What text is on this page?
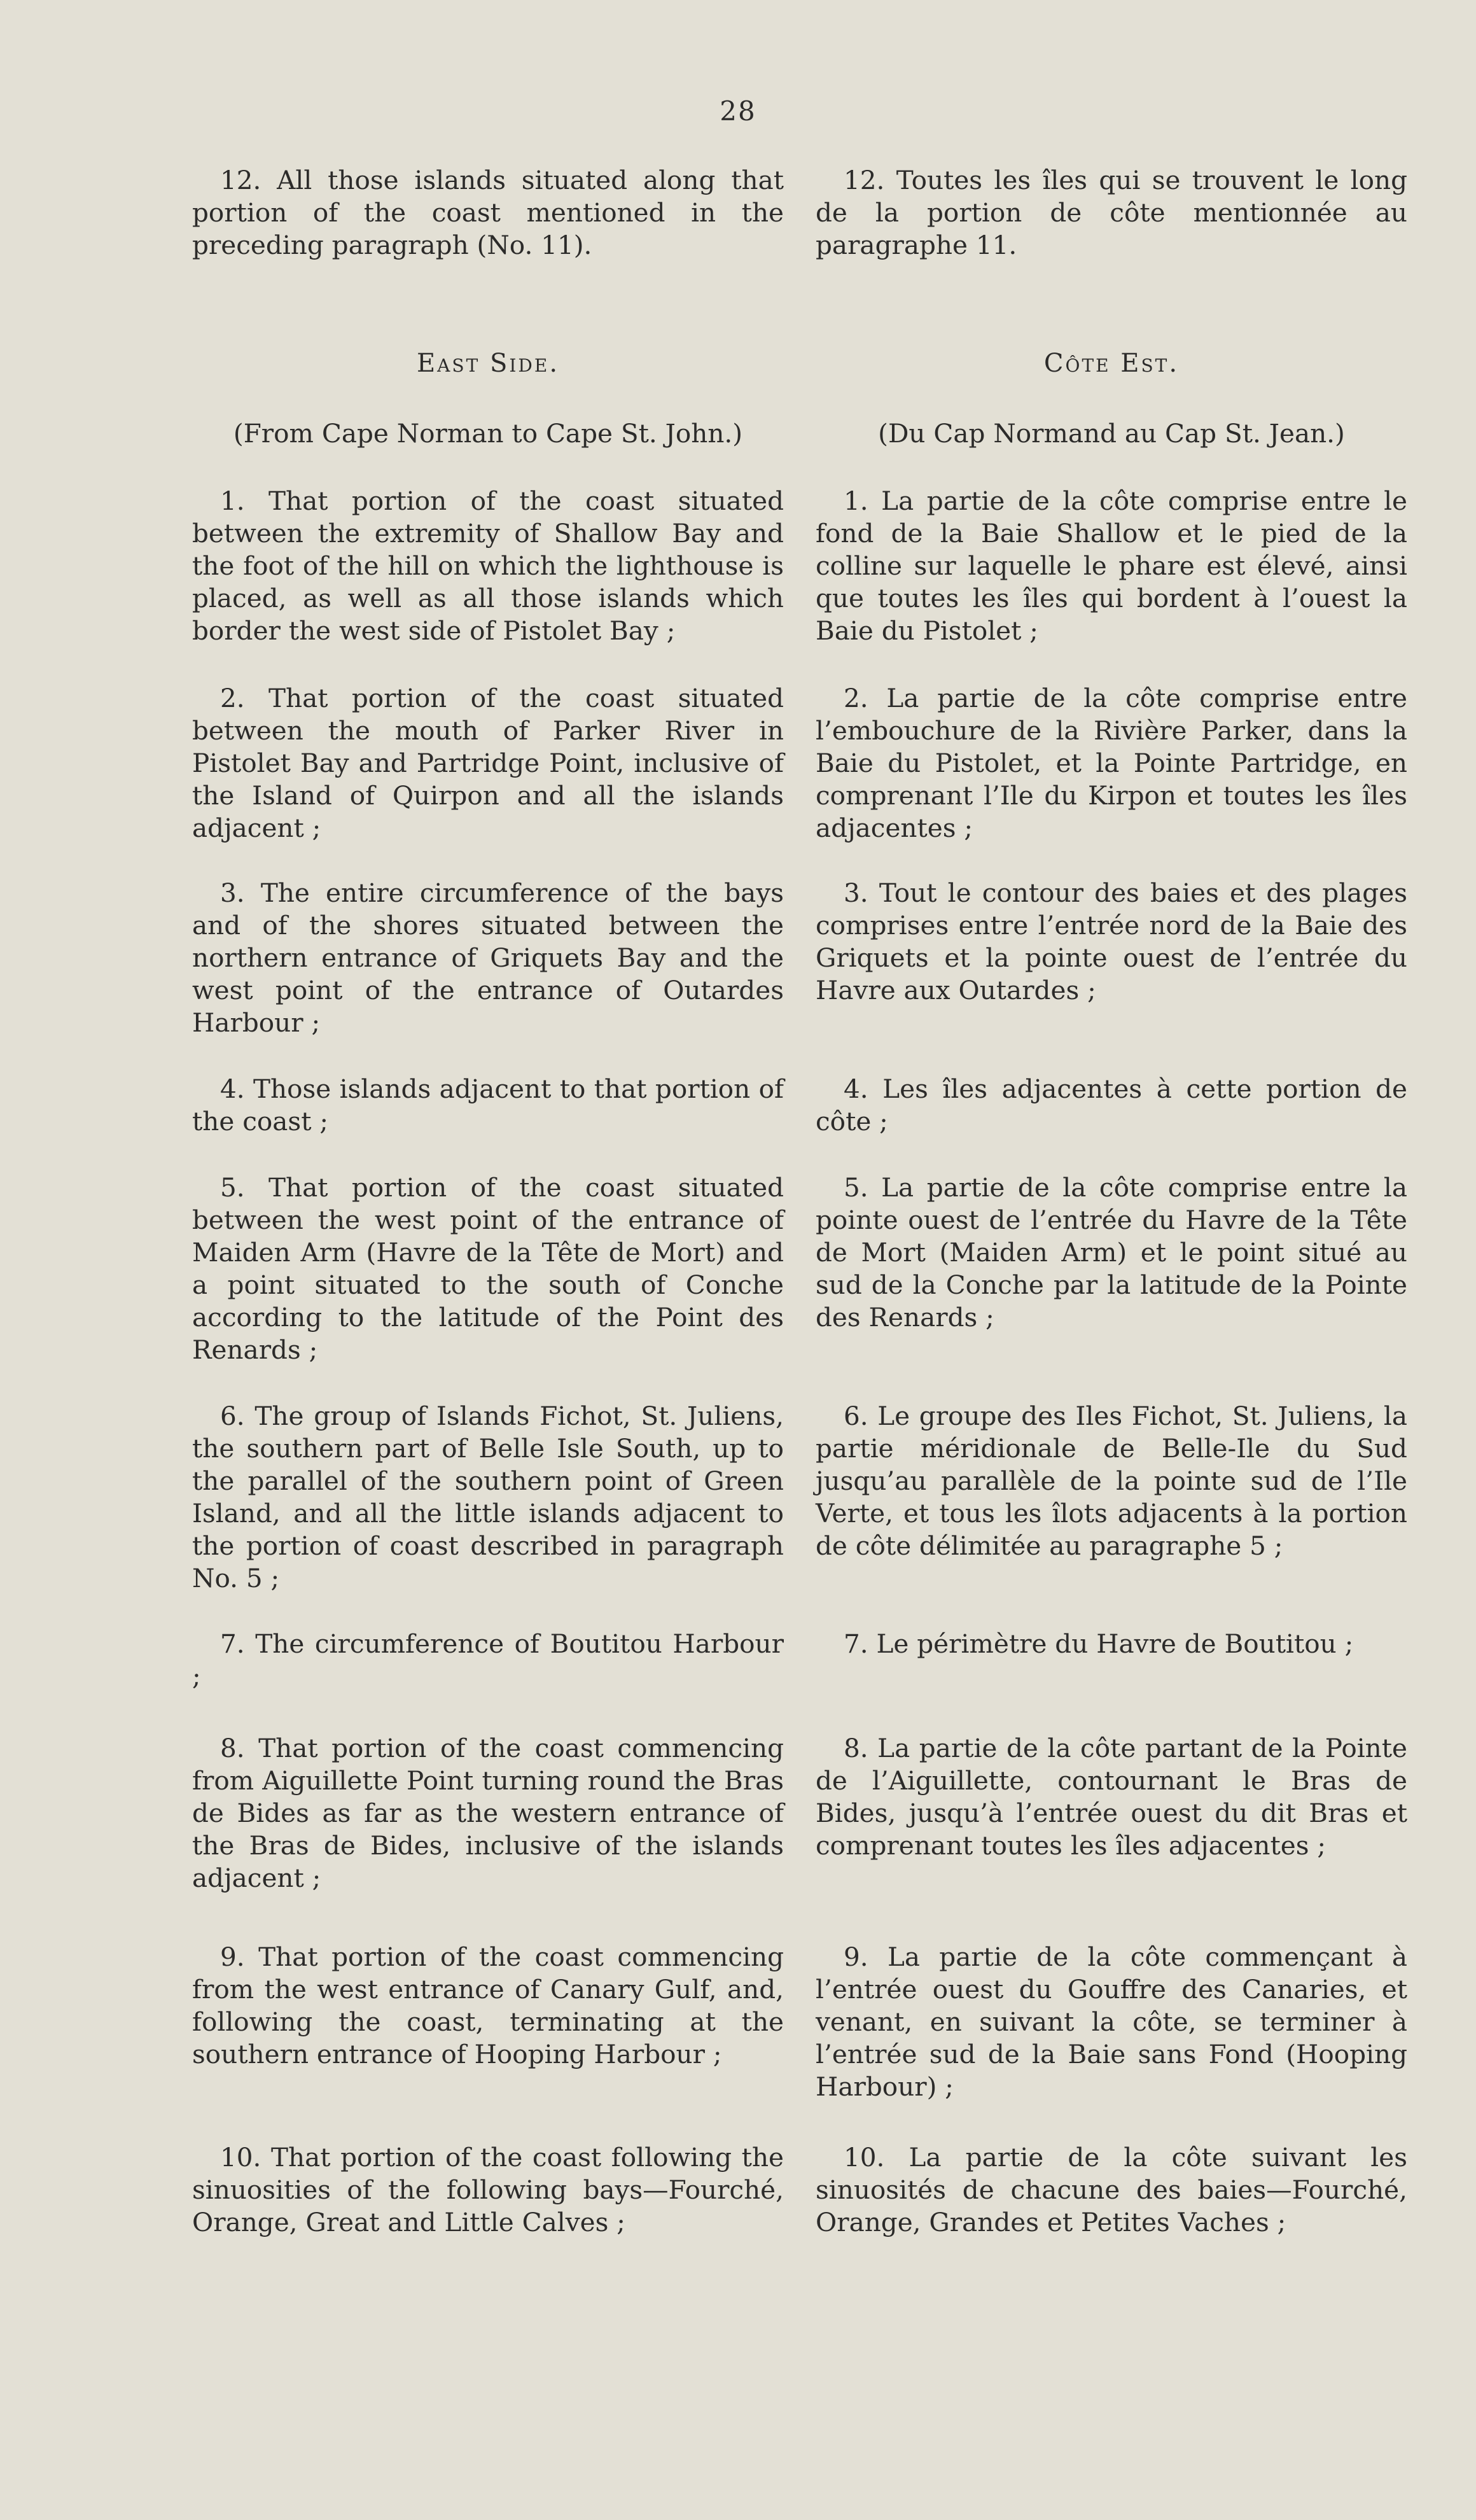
28

12. All those islands situated along that portion of the coast mentioned in the preceding paragraph (No. 11).

East Side.

(From Cape Norman to Cape St. John.)

1. That portion of the coast situated between the extremity of Shallow Bay and the foot of the hill on which the lighthouse is placed, as well as all those islands which border the west side of Pistolet Bay ;

2. That portion of the coast situated between the mouth of Parker River in Pistolet Bay and Partridge Point, inclusive of the Island of Quirpon and all the islands adjacent ;

3. The entire circumference of the bays and of the shores situated between the northern entrance of Griquets Bay and the west point of the entrance of Outardes Harbour ;

4. Those islands adjacent to that portion of the coast ;

5. That portion of the coast situated between the west point of the entrance of Maiden Arm (Havre de la Tête de Mort) and a point situated to the south of Conche according to the latitude of the Point des Renards ;

6. The group of Islands Fichot, St. Juliens, the southern part of Belle Isle South, up to the parallel of the southern point of Green Island, and all the little islands adjacent to the portion of coast described in paragraph No. 5 ;

7. The circumference of Boutitou Harbour ;

8. That portion of the coast commencing from Aiguillette Point turning round the Bras de Bides as far as the western entrance of the Bras de Bides, inclusive of the islands adjacent ;

9. That portion of the coast commencing from the west entrance of Canary Gulf, and, following the coast, terminating at the southern entrance of Hooping Harbour ;

10. That portion of the coast following the sinuosities of the following bays—Fourché, Orange, Great and Little Calves ;

12. Toutes les îles qui se trouvent le long de la portion de côte mentionnée au paragraphe 11.

Côte Est.

(Du Cap Normand au Cap St. Jean.)

1. La partie de la côte comprise entre le fond de la Baie Shallow et le pied de la colline sur laquelle le phare est élevé, ainsi que toutes les îles qui bordent à l’ouest la Baie du Pistolet ;

2. La partie de la côte comprise entre l’embouchure de la Rivière Parker, dans la Baie du Pistolet, et la Pointe Partridge, en comprenant l’Ile du Kirpon et toutes les îles adjacentes ;

3. Tout le contour des baies et des plages comprises entre l’entrée nord de la Baie des Griquets et la pointe ouest de l’entrée du Havre aux Outardes ;

4. Les îles adjacentes à cette portion de côte ;

5. La partie de la côte comprise entre la pointe ouest de l’entrée du Havre de la Tête de Mort (Maiden Arm) et le point situé au sud de la Conche par la latitude de la Pointe des Renards ;

6. Le groupe des Iles Fichot, St. Juliens, la partie méridionale de Belle-Ile du Sud jusqu’au parallèle de la pointe sud de l’Ile Verte, et tous les îlots adjacents à la portion de côte délimitée au paragraphe 5 ;

7. Le périmètre du Havre de Boutitou ;

8. La partie de la côte partant de la Pointe de l’Aiguillette, contournant le Bras de Bides, jusqu’à l’entrée ouest du dit Bras et comprenant toutes les îles adjacentes ;

9. La partie de la côte commençant à l’entrée ouest du Gouffre des Canaries, et venant, en suivant la côte, se terminer à l’entrée sud de la Baie sans Fond (Hooping Harbour) ;

10. La partie de la côte suivant les sinuosités de chacune des baies—Fourché, Orange, Grandes et Petites Vaches ;
